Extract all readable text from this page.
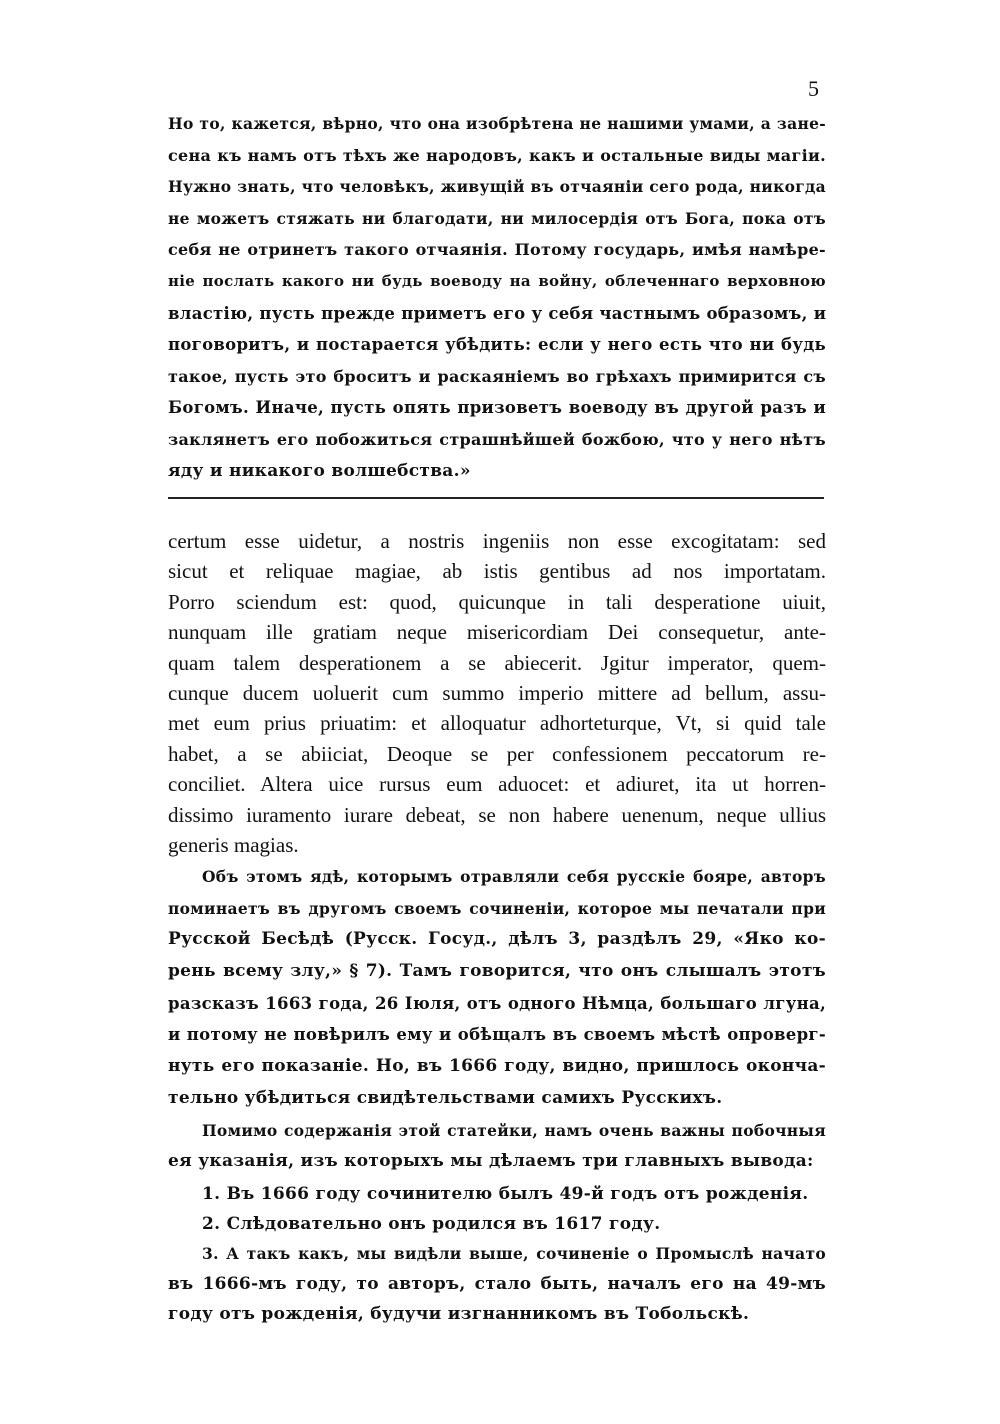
5
Но то, кажется, вѣрно, что она изобрѣтена не нашими умами, а зане-
сена къ намъ отъ тѣхъ же народовъ, какъ и остальные виды магіи.
Нужно знать, что человѣкъ, живущій въ отчаяніи сего рода, никогда
не можетъ стяжать ни благодати, ни милосердія отъ Бога, пока отъ
себя не отринетъ такого отчаянія. Потому государь, имѣя намѣре-
ніе послать какого ни будь воеводу на войну, облеченнаго верховною
властію, пусть прежде приметъ его у себя частнымъ образомъ, и
поговоритъ, и постарается убѣдить: если у него есть что ни будь
такое, пусть это броситъ и раскаяніемъ во грѣхахъ примирится съ
Богомъ. Иначе, пусть опять призоветъ воеводу въ другой разъ и
заклянетъ его побожиться страшнѣйшей божбою, что у него нѣтъ
яду и никакого волшебства.»
certum esse uidetur, a nostris ingeniis non esse excogitatam: sed
sicut et reliquae magiae, ab istis gentibus ad nos importatam.
Porro sciendum est: quod, quicunque in tali desperatione uiuit,
nunquam ille gratiam neque misericordiam Dei consequetur, ante-
quam talem desperationem a se abiecerit. Jgitur imperator, quem-
cunque ducem uoluerit cum summo imperio mittere ad bellum, assu-
met eum prius priuatim: et alloquatur adhorteturque, Vt, si quid tale
habet, a se abiiciat, Deoque se per confessionem peccatorum re-
conciliet. Altera uice rursus eum aduocet: et adiuret, ita ut horren-
dissimo iuramento iurare debeat, se non habere uenenum, neque ullius
generis magias.
Объ этомъ ядѣ, которымъ отравляли себя русскіе бояре, авторъ
поминаетъ въ другомъ своемъ сочиненіи, которое мы печатали при
Русской Бесѣдѣ (Русск. Госуд., дѣлъ 3, раздѣлъ 29, «Яко ко-
рень всему злу,» § 7). Тамъ говорится, что онъ слышалъ этотъ
разсказъ 1663 года, 26 Іюля, отъ одного Нѣмца, большаго лгуна,
и потому не повѣрилъ ему и обѣщалъ въ своемъ мѣстѣ опроверг-
нуть его показаніе. Но, въ 1666 году, видно, пришлось оконча-
тельно убѣдиться свидѣтельствами самихъ Русскихъ.
Помимо содержанія этой статейки, намъ очень важны побочныя
ея указанія, изъ которыхъ мы дѣлаемъ три главныхъ вывода:
1. Въ 1666 году сочинителю былъ 49-й годъ отъ рожденія.
2. Слѣдовательно онъ родился въ 1617 году.
3. А такъ какъ, мы видѣли выше, сочиненіе о Промыслѣ начато
въ 1666-мъ году, то авторъ, стало быть, началъ его на 49-мъ
году отъ рожденія, будучи изгнанникомъ въ Тобольскѣ.
